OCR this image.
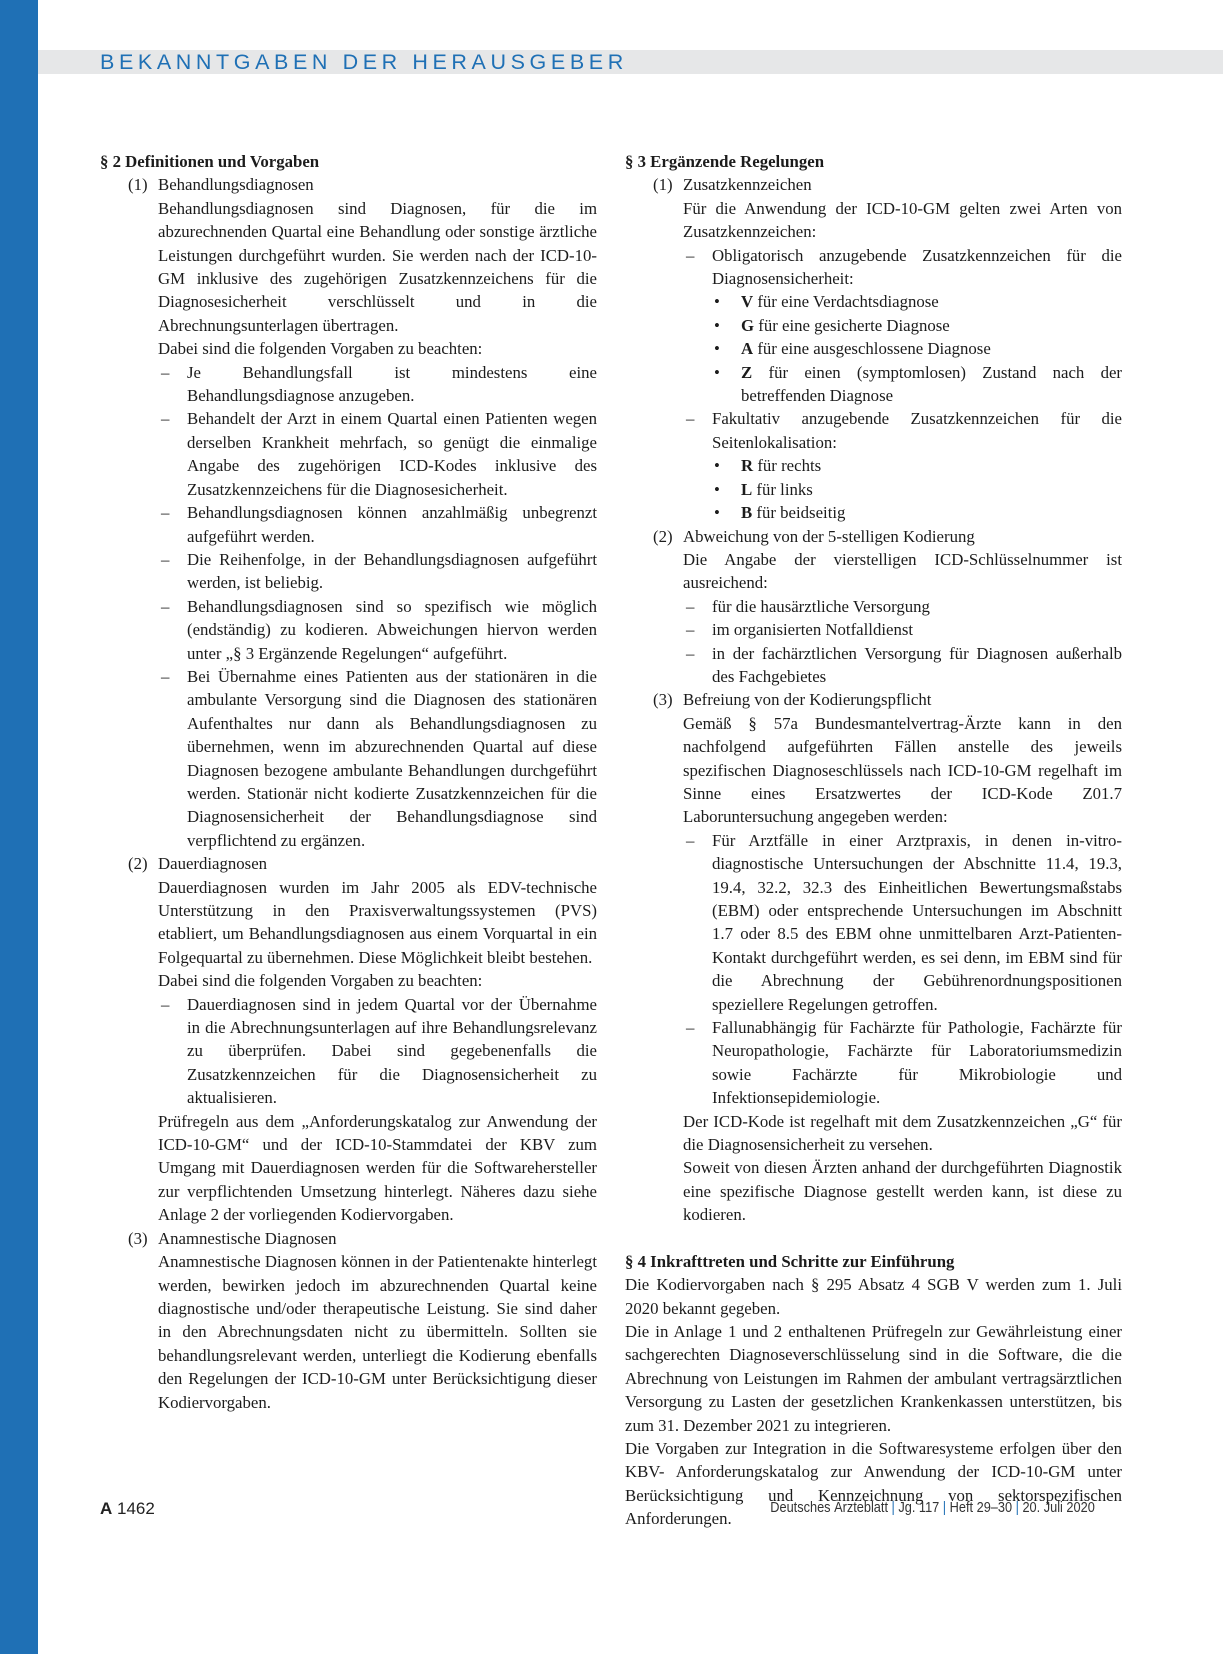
BEKANNTGABEN DER HERAUSGEBER

§ 2 Definitionen und Vorgaben

(1) Behandlungsdiagnosen

Behandlungsdiagnosen sind Diagnosen, für die im abzurechnenden Quartal eine Behandlung oder sonstige ärztliche Leistungen durchgeführt wurden. Sie werden nach der ICD-10-GM inklusive des zugehörigen Zusatzkennzeichens für die Diagnosesicherheit verschlüsselt und in die Abrechnungsunterlagen übertragen.

Dabei sind die folgenden Vorgaben zu beachten:

– Je Behandlungsfall ist mindestens eine Behandlungsdiagnose anzugeben.
– Behandelt der Arzt in einem Quartal einen Patienten wegen derselben Krankheit mehrfach, so genügt die einmalige Angabe des zugehörigen ICD-Kodes inklusive des Zusatzkennzeichens für die Diagnosesicherheit.
– Behandlungsdiagnosen können anzahlmäßig unbegrenzt aufgeführt werden.
– Die Reihenfolge, in der Behandlungsdiagnosen aufgeführt werden, ist beliebig.
– Behandlungsdiagnosen sind so spezifisch wie möglich (endständig) zu kodieren. Abweichungen hiervon werden unter „§ 3 Ergänzende Regelungen“ aufgeführt.
– Bei Übernahme eines Patienten aus der stationären in die ambulante Versorgung sind die Diagnosen des stationären Aufenthaltes nur dann als Behandlungsdiagnosen zu übernehmen, wenn im abzurechnenden Quartal auf diese Diagnosen bezogene ambulante Behandlungen durchgeführt werden. Stationär nicht kodierte Zusatzkennzeichen für die Diagnosensicherheit der Behandlungsdiagnose sind verpflichtend zu ergänzen.
(2) Dauerdiagnosen

Dauerdiagnosen wurden im Jahr 2005 als EDV-technische Unterstützung in den Praxisverwaltungssystemen (PVS) etabliert, um Behandlungsdiagnosen aus einem Vorquartal in ein Folgequartal zu übernehmen. Diese Möglichkeit bleibt bestehen.

Dabei sind die folgenden Vorgaben zu beachten:

– Dauerdiagnosen sind in jedem Quartal vor der Übernahme in die Abrechnungsunterlagen auf ihre Behandlungsrelevanz zu überprüfen. Dabei sind gegebenenfalls die Zusatzkennzeichen für die Diagnosensicherheit zu aktualisieren.

Prüfregeln aus dem „Anforderungskatalog zur Anwendung der ICD-10-GM“ und der ICD-10-Stammdatei der KBV zum Umgang mit Dauerdiagnosen werden für die Softwarehersteller zur verpflichtenden Umsetzung hinterlegt. Näheres dazu siehe Anlage 2 der vorliegenden Kodiervorgaben.

(3) Anamnestische Diagnosen

Anamnestische Diagnosen können in der Patientenakte hinterlegt werden, bewirken jedoch im abzurechnenden Quartal keine diagnostische und/oder therapeutische Leistung. Sie sind daher in den Abrechnungsdaten nicht zu übermitteln. Sollten sie behandlungsrelevant werden, unterliegt die Kodierung ebenfalls den Regelungen der ICD-10-GM unter Berücksichtigung dieser Kodiervorgaben.

§ 3 Ergänzende Regelungen

(1) Zusatzkennzeichen

Für die Anwendung der ICD-10-GM gelten zwei Arten von Zusatzkennzeichen:

– Obligatorisch anzugebende Zusatzkennzeichen für die Diagnosensicherheit:
• V für eine Verdachtsdiagnose
• G für eine gesicherte Diagnose
• A für eine ausgeschlossene Diagnose
• Z für einen (symptomlosen) Zustand nach der betreffenden Diagnose
– Fakultativ anzugebende Zusatzkennzeichen für die Seitenlokalisation:
• R für rechts
• L für links
• B für beidseitig
(2) Abweichung von der 5-stelligen Kodierung

Die Angabe der vierstelligen ICD-Schlüsselnummer ist ausreichend:

– für die hausärztliche Versorgung
– im organisierten Notfalldienst
– in der fachärztlichen Versorgung für Diagnosen außerhalb des Fachgebietes
(3) Befreiung von der Kodierungspflicht

Gemäß § 57a Bundesmantelvertrag-Ärzte kann in den nachfolgend aufgeführten Fällen anstelle des jeweils spezifischen Diagnoseschlüssels nach ICD-10-GM regelhaft im Sinne eines Ersatzwertes der ICD-Kode Z01.7 Laboruntersuchung angegeben werden:

– Für Arztfälle in einer Arztpraxis, in denen in-vitro-diagnostische Untersuchungen der Abschnitte 11.4, 19.3, 19.4, 32.2, 32.3 des Einheitlichen Bewertungsmaßstabs (EBM) oder entsprechende Untersuchungen im Abschnitt 1.7 oder 8.5 des EBM ohne unmittelbaren Arzt-Patienten-Kontakt durchgeführt werden, es sei denn, im EBM sind für die Abrechnung der Gebührenordnungspositionen speziellere Regelungen getroffen.
– Fallunabhängig für Fachärzte für Pathologie, Fachärzte für Neuropathologie, Fachärzte für Laboratoriumsmedizin sowie Fachärzte für Mikrobiologie und Infektionsepidemiologie.

Der ICD-Kode ist regelhaft mit dem Zusatzkennzeichen „G“ für die Diagnosensicherheit zu versehen.

Soweit von diesen Ärzten anhand der durchgeführten Diagnostik eine spezifische Diagnose gestellt werden kann, ist diese zu kodieren.

§ 4 Inkrafttreten und Schritte zur Einführung

Die Kodiervorgaben nach § 295 Absatz 4 SGB V werden zum 1. Juli 2020 bekannt gegeben.

Die in Anlage 1 und 2 enthaltenen Prüfregeln zur Gewährleistung einer sachgerechten Diagnoseverschlüsselung sind in die Software, die die Abrechnung von Leistungen im Rahmen der ambulant vertragsärztlichen Versorgung zu Lasten der gesetzlichen Krankenkassen unterstützen, bis zum 31. Dezember 2021 zu integrieren.

Die Vorgaben zur Integration in die Softwaresysteme erfolgen über den KBV- Anforderungskatalog zur Anwendung der ICD-10-GM unter Berücksichtigung und Kennzeichnung von sektorspezifischen Anforderungen.

A 1462	Deutsches Ärzteblatt | Jg. 117 | Heft 29–30 | 20. Juli 2020
